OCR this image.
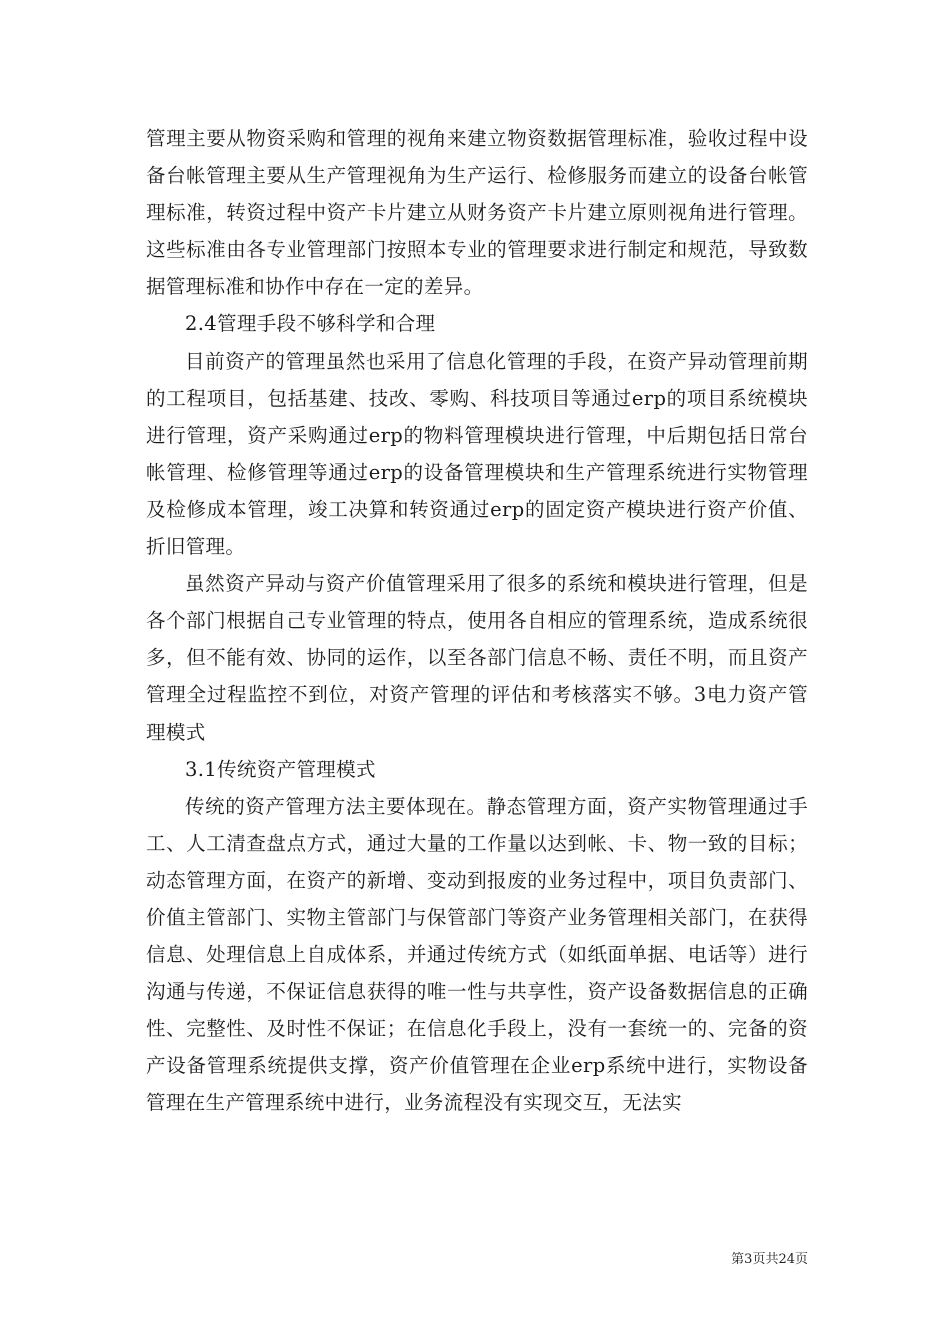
管理主要从物资采购和管理的视角来建立物资数据管理标准，验收过程中设备台帐管理主要从生产管理视角为生产运行、检修服务而建立的设备台帐管理标准，转资过程中资产卡片建立从财务资产卡片建立原则视角进行管理。这些标准由各专业管理部门按照本专业的管理要求进行制定和规范，导致数据管理标准和协作中存在一定的差异。

2.4管理手段不够科学和合理

目前资产的管理虽然也采用了信息化管理的手段，在资产异动管理前期的工程项目，包括基建、技改、零购、科技项目等通过erp的项目系统模块进行管理，资产采购通过erp的物料管理模块进行管理，中后期包括日常台帐管理、检修管理等通过erp的设备管理模块和生产管理系统进行实物管理及检修成本管理，竣工决算和转资通过erp的固定资产模块进行资产价值、折旧管理。

虽然资产异动与资产价值管理采用了很多的系统和模块进行管理，但是各个部门根据自己专业管理的特点，使用各自相应的管理系统，造成系统很多，但不能有效、协同的运作，以至各部门信息不畅、责任不明，而且资产管理全过程监控不到位，对资产管理的评估和考核落实不够。3电力资产管理模式

3.1传统资产管理模式

传统的资产管理方法主要体现在。静态管理方面，资产实物管理通过手工、人工清查盘点方式，通过大量的工作量以达到帐、卡、物一致的目标；动态管理方面，在资产的新增、变动到报废的业务过程中，项目负责部门、价值主管部门、实物主管部门与保管部门等资产业务管理相关部门，在获得信息、处理信息上自成体系，并通过传统方式（如纸面单据、电话等）进行沟通与传递，不保证信息获得的唯一性与共享性，资产设备数据信息的正确性、完整性、及时性不保证；在信息化手段上，没有一套统一的、完备的资产设备管理系统提供支撑，资产价值管理在企业erp系统中进行，实物设备管理在生产管理系统中进行，业务流程没有实现交互，无法实

第3页共24页
